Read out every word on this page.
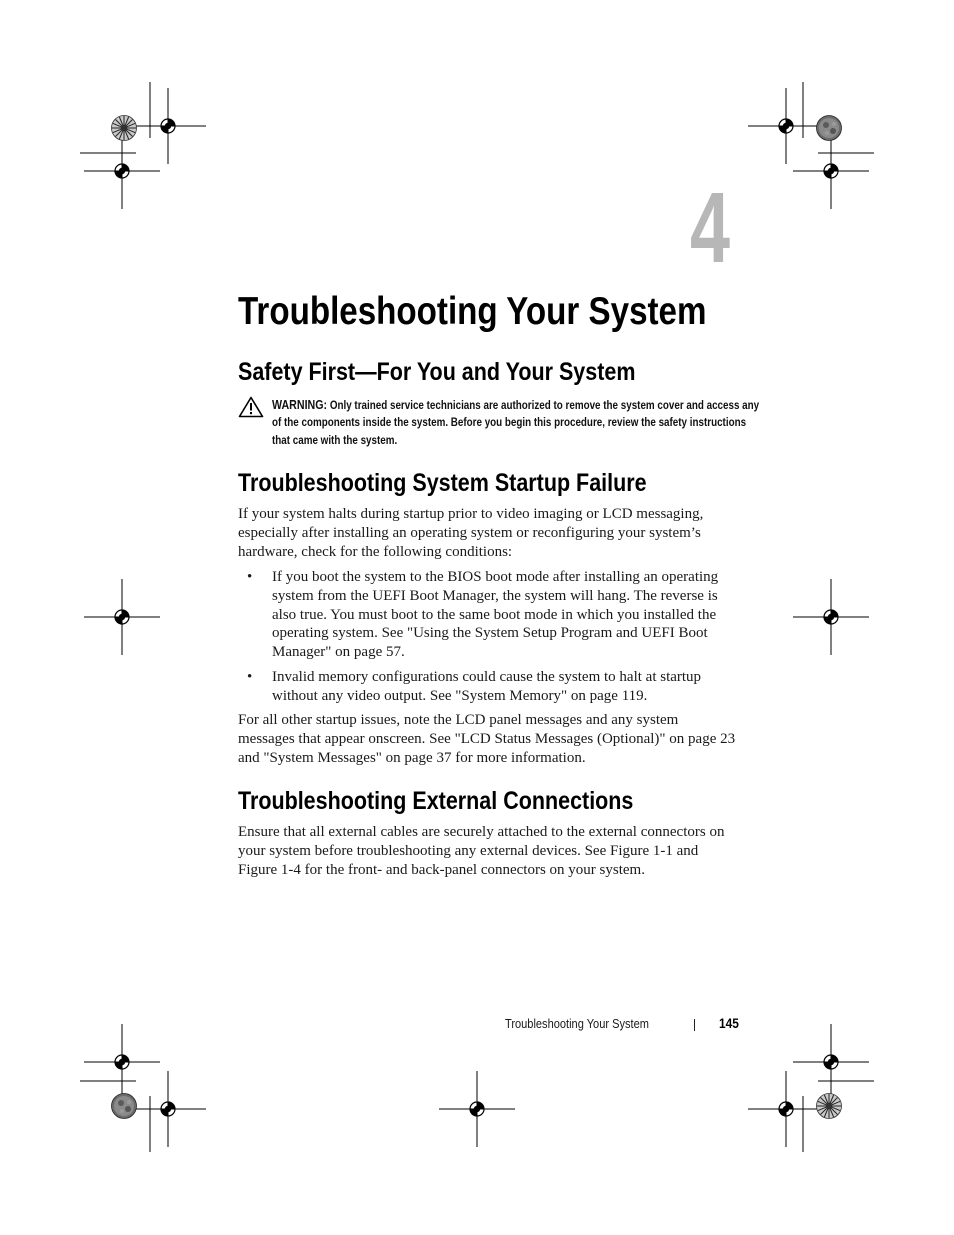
4
Troubleshooting Your System
Safety First—For You and Your System

WARNING: Only trained service technicians are authorized to remove the system cover and access any of the components inside the system. Before you begin this procedure, review the safety instructions that came with the system.

Troubleshooting System Startup Failure

If your system halts during startup prior to video imaging or LCD messaging, especially after installing an operating system or reconfiguring your system’s hardware, check for the following conditions:

• If you boot the system to the BIOS boot mode after installing an operating system from the UEFI Boot Manager, the system will hang. The reverse is also true. You must boot to the same boot mode in which you installed the operating system. See "Using the System Setup Program and UEFI Boot Manager" on page 57.
• Invalid memory configurations could cause the system to halt at startup without any video output. See "System Memory" on page 119.

For all other startup issues, note the LCD panel messages and any system messages that appear onscreen. See "LCD Status Messages (Optional)" on page 23 and "System Messages" on page 37 for more information.

Troubleshooting External Connections

Ensure that all external cables are securely attached to the external connectors on your system before troubleshooting any external devices. See Figure 1-1 and Figure 1-4 for the front- and back-panel connectors on your system.

Troubleshooting Your System	145
